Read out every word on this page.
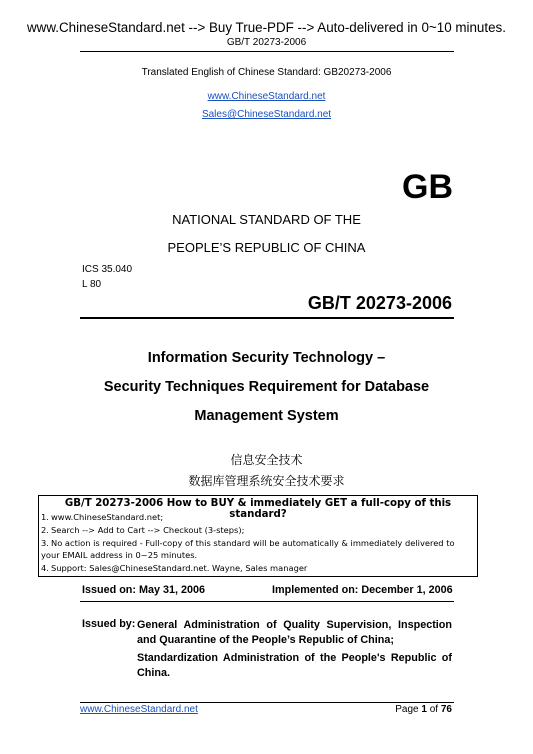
www.ChineseStandard.net --> Buy True-PDF --> Auto-delivered in 0~10 minutes.
GB/T 20273-2006
Translated English of Chinese Standard: GB20273-2006
www.ChineseStandard.net
Sales@ChineseStandard.net
GB
NATIONAL STANDARD OF THE
PEOPLE’S REPUBLIC OF CHINA
ICS 35.040
L 80
GB/T 20273-2006
Information Security Technology –
Security Techniques Requirement for Database
Management System
信息安全技术
数据库管理系统安全技术要求
GB/T 20273-2006 How to BUY & immediately GET a full-copy of this standard?
1. www.ChineseStandard.net;
2. Search --> Add to Cart --> Checkout (3-steps);
3. No action is required - Full-copy of this standard will be automatically & immediately delivered to
your EMAIL address in 0~25 minutes.
4. Support: Sales@ChineseStandard.net. Wayne, Sales manager
Issued on: May 31, 2006	Implemented on: December 1, 2006
Issued by: General Administration of Quality Supervision, Inspection and Quarantine of the People’s Republic of China;
Standardization Administration of the People's Republic of China.
www.ChineseStandard.net	Page 1 of 76
